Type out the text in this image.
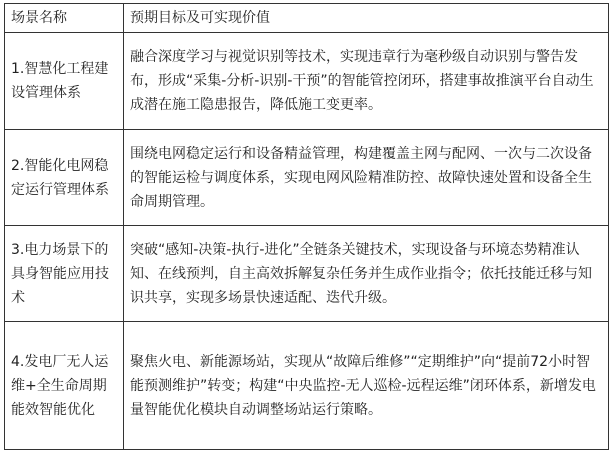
场景名称	预期目标及可实现价值

1.智慧化工程建设管理体系	融合深度学习与视觉识别等技术，实现违章行为毫秒级自动识别与警告发布，形成“采集-分析-识别-干预”的智能管控闭环，搭建事故推演平台自动生成潜在施工隐患报告，降低施工变更率。

2.智能化电网稳定运行管理体系	围绕电网稳定运行和设备精益管理，构建覆盖主网与配网、一次与二次设备的智能运检与调度体系，实现电网风险精准防控、故障快速处置和设备全生命周期管理。

3.电力场景下的具身智能应用技术	突破“感知-决策-执行-进化”全链条关键技术，实现设备与环境态势精准认知、在线预判，自主高效拆解复杂任务并生成作业指令；依托技能迁移与知识共享，实现多场景快速适配、迭代升级。

4.发电厂无人运维+全生命周期能效智能优化	聚焦火电、新能源场站，实现从“故障后维修”“定期维护”向“提前72小时智能预测维护”转变；构建“中央监控-无人巡检-远程运维”闭环体系，新增发电量智能优化模块自动调整场站运行策略。
